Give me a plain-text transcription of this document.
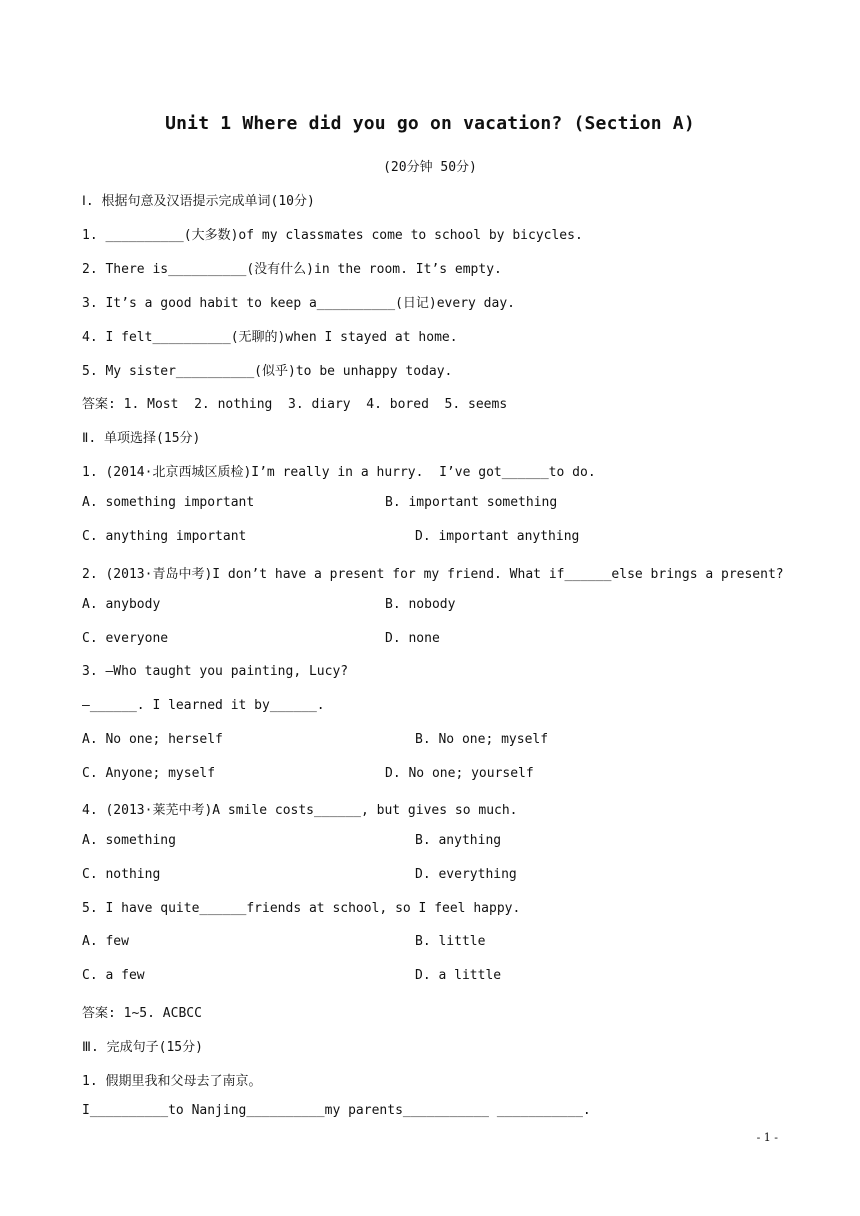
Unit 1 Where did you go on vacation? (Section A)
(20分钟 50分)
Ⅰ. 根据句意及汉语提示完成单词(10分)
1. __________(大多数)of my classmates come to school by bicycles.
2. There is__________(没有什么)in the room. It’s empty.
3. It’s a good habit to keep a__________(日记)every day.
4. I felt__________(无聊的)when I stayed at home.
5. My sister__________(似乎)to be unhappy today.
答案: 1. Most  2. nothing  3. diary  4. bored  5. seems
Ⅱ. 单项选择(15分)
1. (2014·北京西城区质检)I’m really in a hurry.  I’ve got______to do.
A. something important	B. important something
C. anything important	D. important anything
2. (2013·青岛中考)I don’t have a present for my friend. What if______else brings a present?
A. anybody	B. nobody
C. everyone	D. none
3. —Who taught you painting, Lucy?
—______. I learned it by______.
A. No one; herself	B. No one; myself
C. Anyone; myself	D. No one; yourself
4. (2013·莱芜中考)A smile costs______, but gives so much.
A. something	B. anything
C. nothing	D. everything
5. I have quite______friends at school, so I feel happy.
A. few	B. little
C. a few	D. a little
答案: 1~5. ACBCC
Ⅲ. 完成句子(15分)
1. 假期里我和父母去了南京。
I__________to Nanjing__________my parents___________ ___________.
- 1 -
